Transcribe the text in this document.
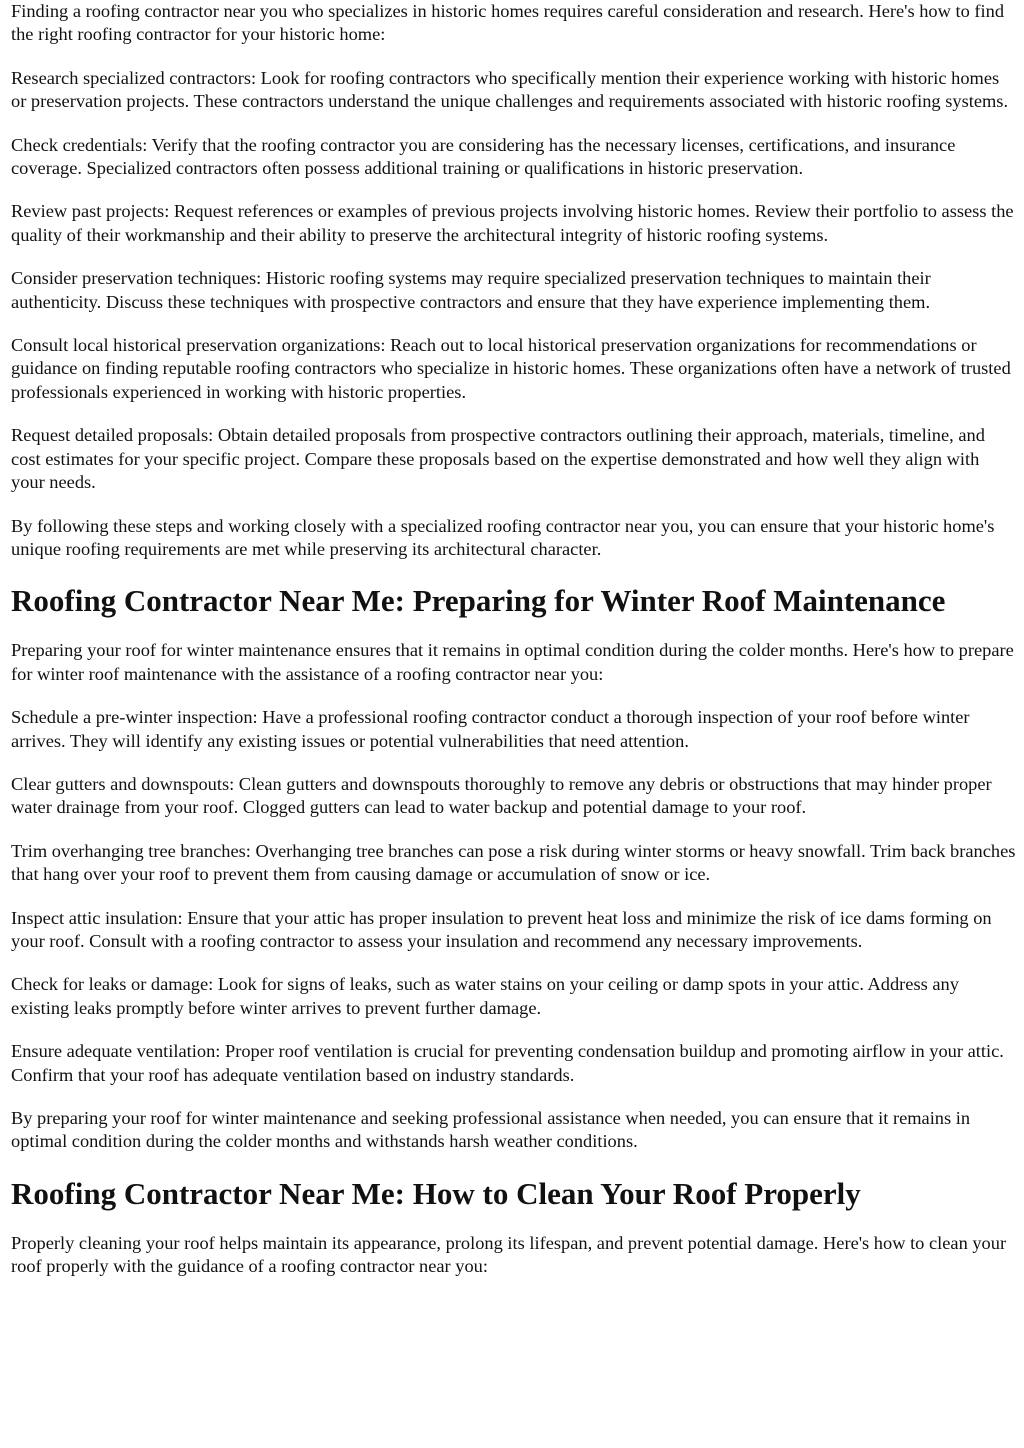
Finding a roofing contractor near you who specializes in historic homes requires careful consideration and research. Here's how to find the right roofing contractor for your historic home:

Research specialized contractors: Look for roofing contractors who specifically mention their experience working with historic homes or preservation projects. These contractors understand the unique challenges and requirements associated with historic roofing systems.

Check credentials: Verify that the roofing contractor you are considering has the necessary licenses, certifications, and insurance coverage. Specialized contractors often possess additional training or qualifications in historic preservation.

Review past projects: Request references or examples of previous projects involving historic homes. Review their portfolio to assess the quality of their workmanship and their ability to preserve the architectural integrity of historic roofing systems.

Consider preservation techniques: Historic roofing systems may require specialized preservation techniques to maintain their authenticity. Discuss these techniques with prospective contractors and ensure that they have experience implementing them.

Consult local historical preservation organizations: Reach out to local historical preservation organizations for recommendations or guidance on finding reputable roofing contractors who specialize in historic homes. These organizations often have a network of trusted professionals experienced in working with historic properties.

Request detailed proposals: Obtain detailed proposals from prospective contractors outlining their approach, materials, timeline, and cost estimates for your specific project. Compare these proposals based on the expertise demonstrated and how well they align with your needs.

By following these steps and working closely with a specialized roofing contractor near you, you can ensure that your historic home's unique roofing requirements are met while preserving its architectural character.

Roofing Contractor Near Me: Preparing for Winter Roof Maintenance

Preparing your roof for winter maintenance ensures that it remains in optimal condition during the colder months. Here's how to prepare for winter roof maintenance with the assistance of a roofing contractor near you:

Schedule a pre-winter inspection: Have a professional roofing contractor conduct a thorough inspection of your roof before winter arrives. They will identify any existing issues or potential vulnerabilities that need attention.

Clear gutters and downspouts: Clean gutters and downspouts thoroughly to remove any debris or obstructions that may hinder proper water drainage from your roof. Clogged gutters can lead to water backup and potential damage to your roof.

Trim overhanging tree branches: Overhanging tree branches can pose a risk during winter storms or heavy snowfall. Trim back branches that hang over your roof to prevent them from causing damage or accumulation of snow or ice.

Inspect attic insulation: Ensure that your attic has proper insulation to prevent heat loss and minimize the risk of ice dams forming on your roof. Consult with a roofing contractor to assess your insulation and recommend any necessary improvements.

Check for leaks or damage: Look for signs of leaks, such as water stains on your ceiling or damp spots in your attic. Address any existing leaks promptly before winter arrives to prevent further damage.

Ensure adequate ventilation: Proper roof ventilation is crucial for preventing condensation buildup and promoting airflow in your attic. Confirm that your roof has adequate ventilation based on industry standards.

By preparing your roof for winter maintenance and seeking professional assistance when needed, you can ensure that it remains in optimal condition during the colder months and withstands harsh weather conditions.

Roofing Contractor Near Me: How to Clean Your Roof Properly

Properly cleaning your roof helps maintain its appearance, prolong its lifespan, and prevent potential damage. Here's how to clean your roof properly with the guidance of a roofing contractor near you:
